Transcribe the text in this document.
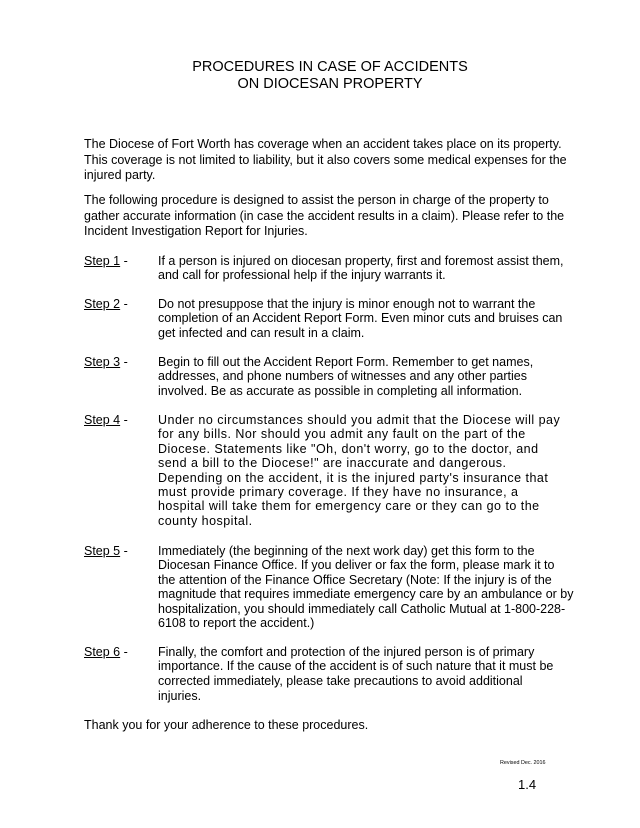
PROCEDURES IN CASE OF ACCIDENTS
ON DIOCESAN PROPERTY
The Diocese of Fort Worth has coverage when an accident takes place on its property.
This coverage is not limited to liability, but it also covers some medical expenses for the
injured party.
The following procedure is designed to assist the person in charge of the property to
gather accurate information (in case the accident results in a claim). Please refer to the
Incident Investigation Report for Injuries.
Step 1 - If a person is injured on diocesan property, first and foremost assist them,
and call for professional help if the injury warrants it.
Step 2 - Do not presuppose that the injury is minor enough not to warrant the
completion of an Accident Report Form. Even minor cuts and bruises can
get infected and can result in a claim.
Step 3 - Begin to fill out the Accident Report Form. Remember to get names,
addresses, and phone numbers of witnesses and any other parties
involved. Be as accurate as possible in completing all information.
Step 4 - Under no circumstances should you admit that the Diocese will pay
for any bills. Nor should you admit any fault on the part of the
Diocese. Statements like "Oh, don't worry, go to the doctor, and
send a bill to the Diocese!" are inaccurate and dangerous.
Depending on the accident, it is the injured party's insurance that
must provide primary coverage. If they have no insurance, a
hospital will take them for emergency care or they can go to the
county hospital.
Step 5 - Immediately (the beginning of the next work day) get this form to the
Diocesan Finance Office. If you deliver or fax the form, please mark it to
the attention of the Finance Office Secretary (Note: If the injury is of the
magnitude that requires immediate emergency care by an ambulance or by
hospitalization, you should immediately call Catholic Mutual at 1-800-228-
6108 to report the accident.)
Step 6 - Finally, the comfort and protection of the injured person is of primary
importance. If the cause of the accident is of such nature that it must be
corrected immediately, please take precautions to avoid additional
injuries.
Thank you for your adherence to these procedures.
Revised Dec. 2016
1.4
